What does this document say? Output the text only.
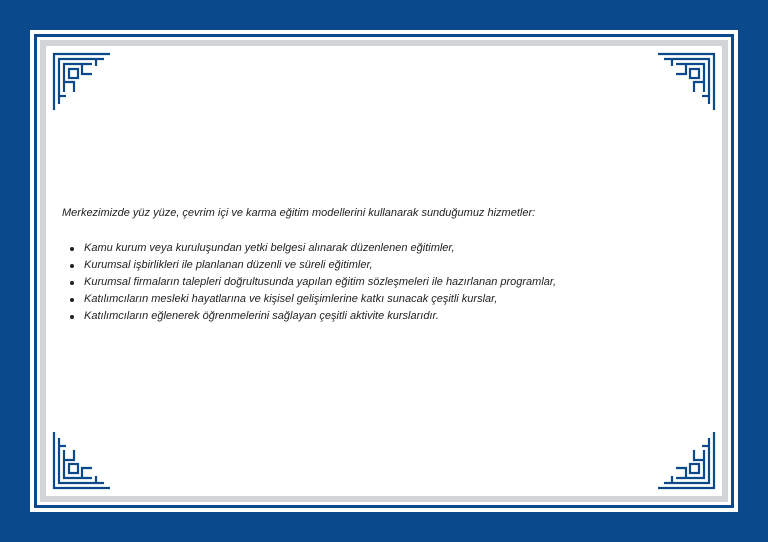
Merkezimizde yüz yüze, çevrim içi ve karma eğitim modellerini kullanarak sunduğumuz hizmetler:

Kamu kurum veya kuruluşundan yetki belgesi alınarak düzenlenen eğitimler,
Kurumsal işbirlikleri ile planlanan düzenli ve süreli eğitimler,
Kurumsal firmaların talepleri doğrultusunda yapılan eğitim sözleşmeleri ile hazırlanan programlar,
Katılımcıların mesleki hayatlarına ve kişisel gelişimlerine katkı sunacak çeşitli kurslar,
Katılımcıların eğlenerek öğrenmelerini sağlayan çeşitli aktivite kurslarıdır.
